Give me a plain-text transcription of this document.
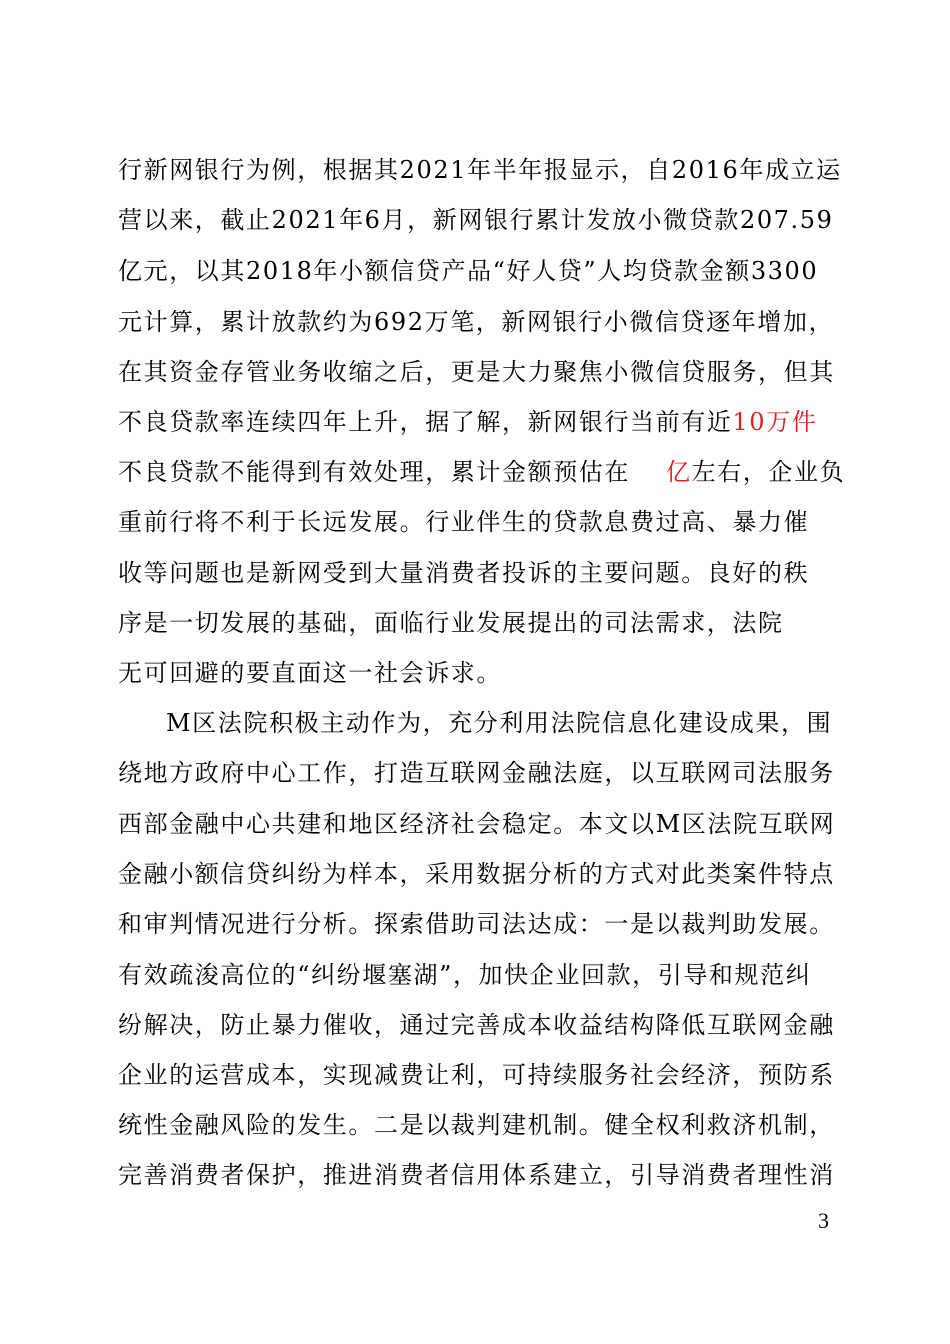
行新网银行为例，根据其2021年半年报显示，自2016年成立运
营以来，截止2021年6月，新网银行累计发放小微贷款207.59
亿元，以其2018年小额信贷产品“好人贷”人均贷款金额3300
元计算，累计放款约为692万笔，新网银行小微信贷逐年增加，
在其资金存管业务收缩之后，更是大力聚焦小微信贷服务，但其
不良贷款率连续四年上升，据了解，新网银行当前有近10万件
不良贷款不能得到有效处理，累计金额预估在 亿左右，企业负
重前行将不利于长远发展。行业伴生的贷款息费过高、暴力催
收等问题也是新网受到大量消费者投诉的主要问题。良好的秩
序是一切发展的基础，面临行业发展提出的司法需求，法院
无可回避的要直面这一社会诉求。
M区法院积极主动作为，充分利用法院信息化建设成果，围
绕地方政府中心工作，打造互联网金融法庭，以互联网司法服务
西部金融中心共建和地区经济社会稳定。本文以M区法院互联网
金融小额信贷纠纷为样本，采用数据分析的方式对此类案件特点
和审判情况进行分析。探索借助司法达成：一是以裁判助发展。
有效疏浚高位的“纠纷堰塞湖”，加快企业回款，引导和规范纠
纷解决，防止暴力催收，通过完善成本收益结构降低互联网金融
企业的运营成本，实现减费让利，可持续服务社会经济，预防系
统性金融风险的发生。二是以裁判建机制。健全权利救济机制，
完善消费者保护，推进消费者信用体系建立，引导消费者理性消
3
